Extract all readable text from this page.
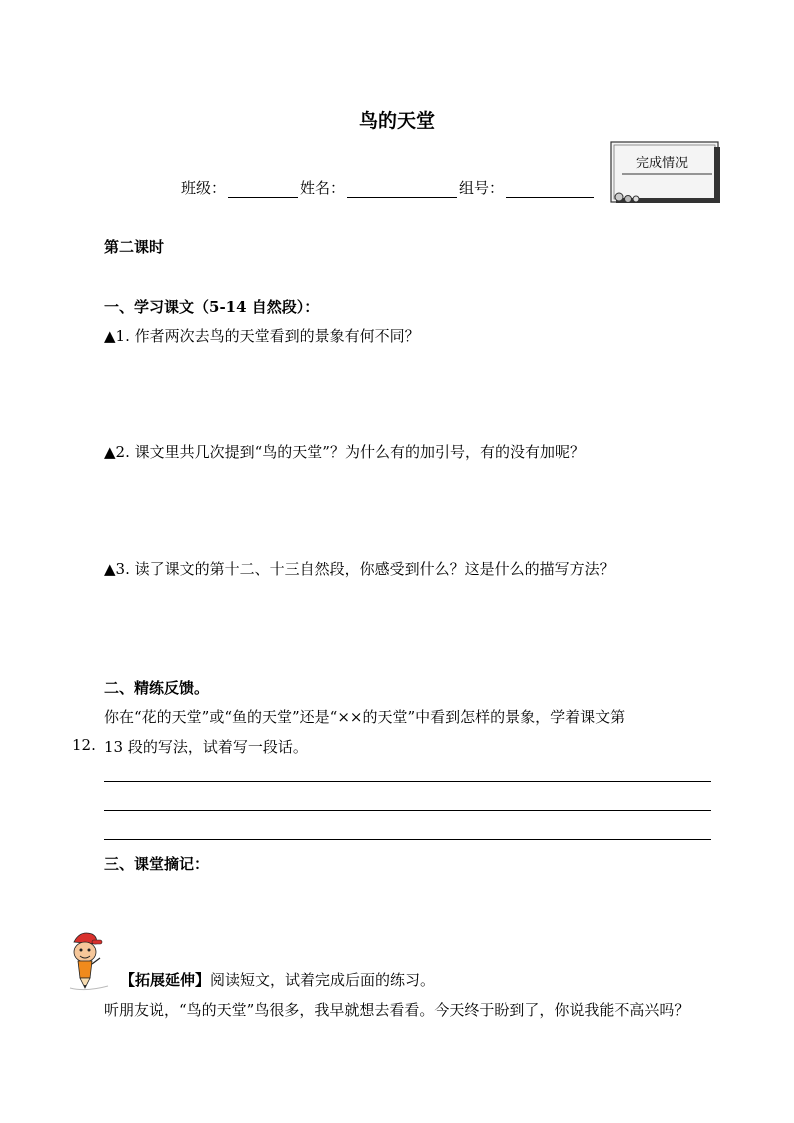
鸟的天堂
完成情况
班级：	姓名：	组号：
第二课时
一、学习课文（5-14 自然段）：
▲1. 作者两次去鸟的天堂看到的景象有何不同？
▲2. 课文里共几次提到“鸟的天堂”？为什么有的加引号，有的没有加呢？
▲3. 读了课文的第十二、十三自然段，你感受到什么？这是什么的描写方法？
二、精练反馈。
你在“花的天堂”或“鱼的天堂”还是“××的天堂”中看到怎样的景象，学着课文第
12. 13 段的写法，试着写一段话。
三、课堂摘记：
【拓展延伸】阅读短文，试着完成后面的练习。
听朋友说，“鸟的天堂”鸟很多，我早就想去看看。今天终于盼到了，你说我能不高兴吗？
